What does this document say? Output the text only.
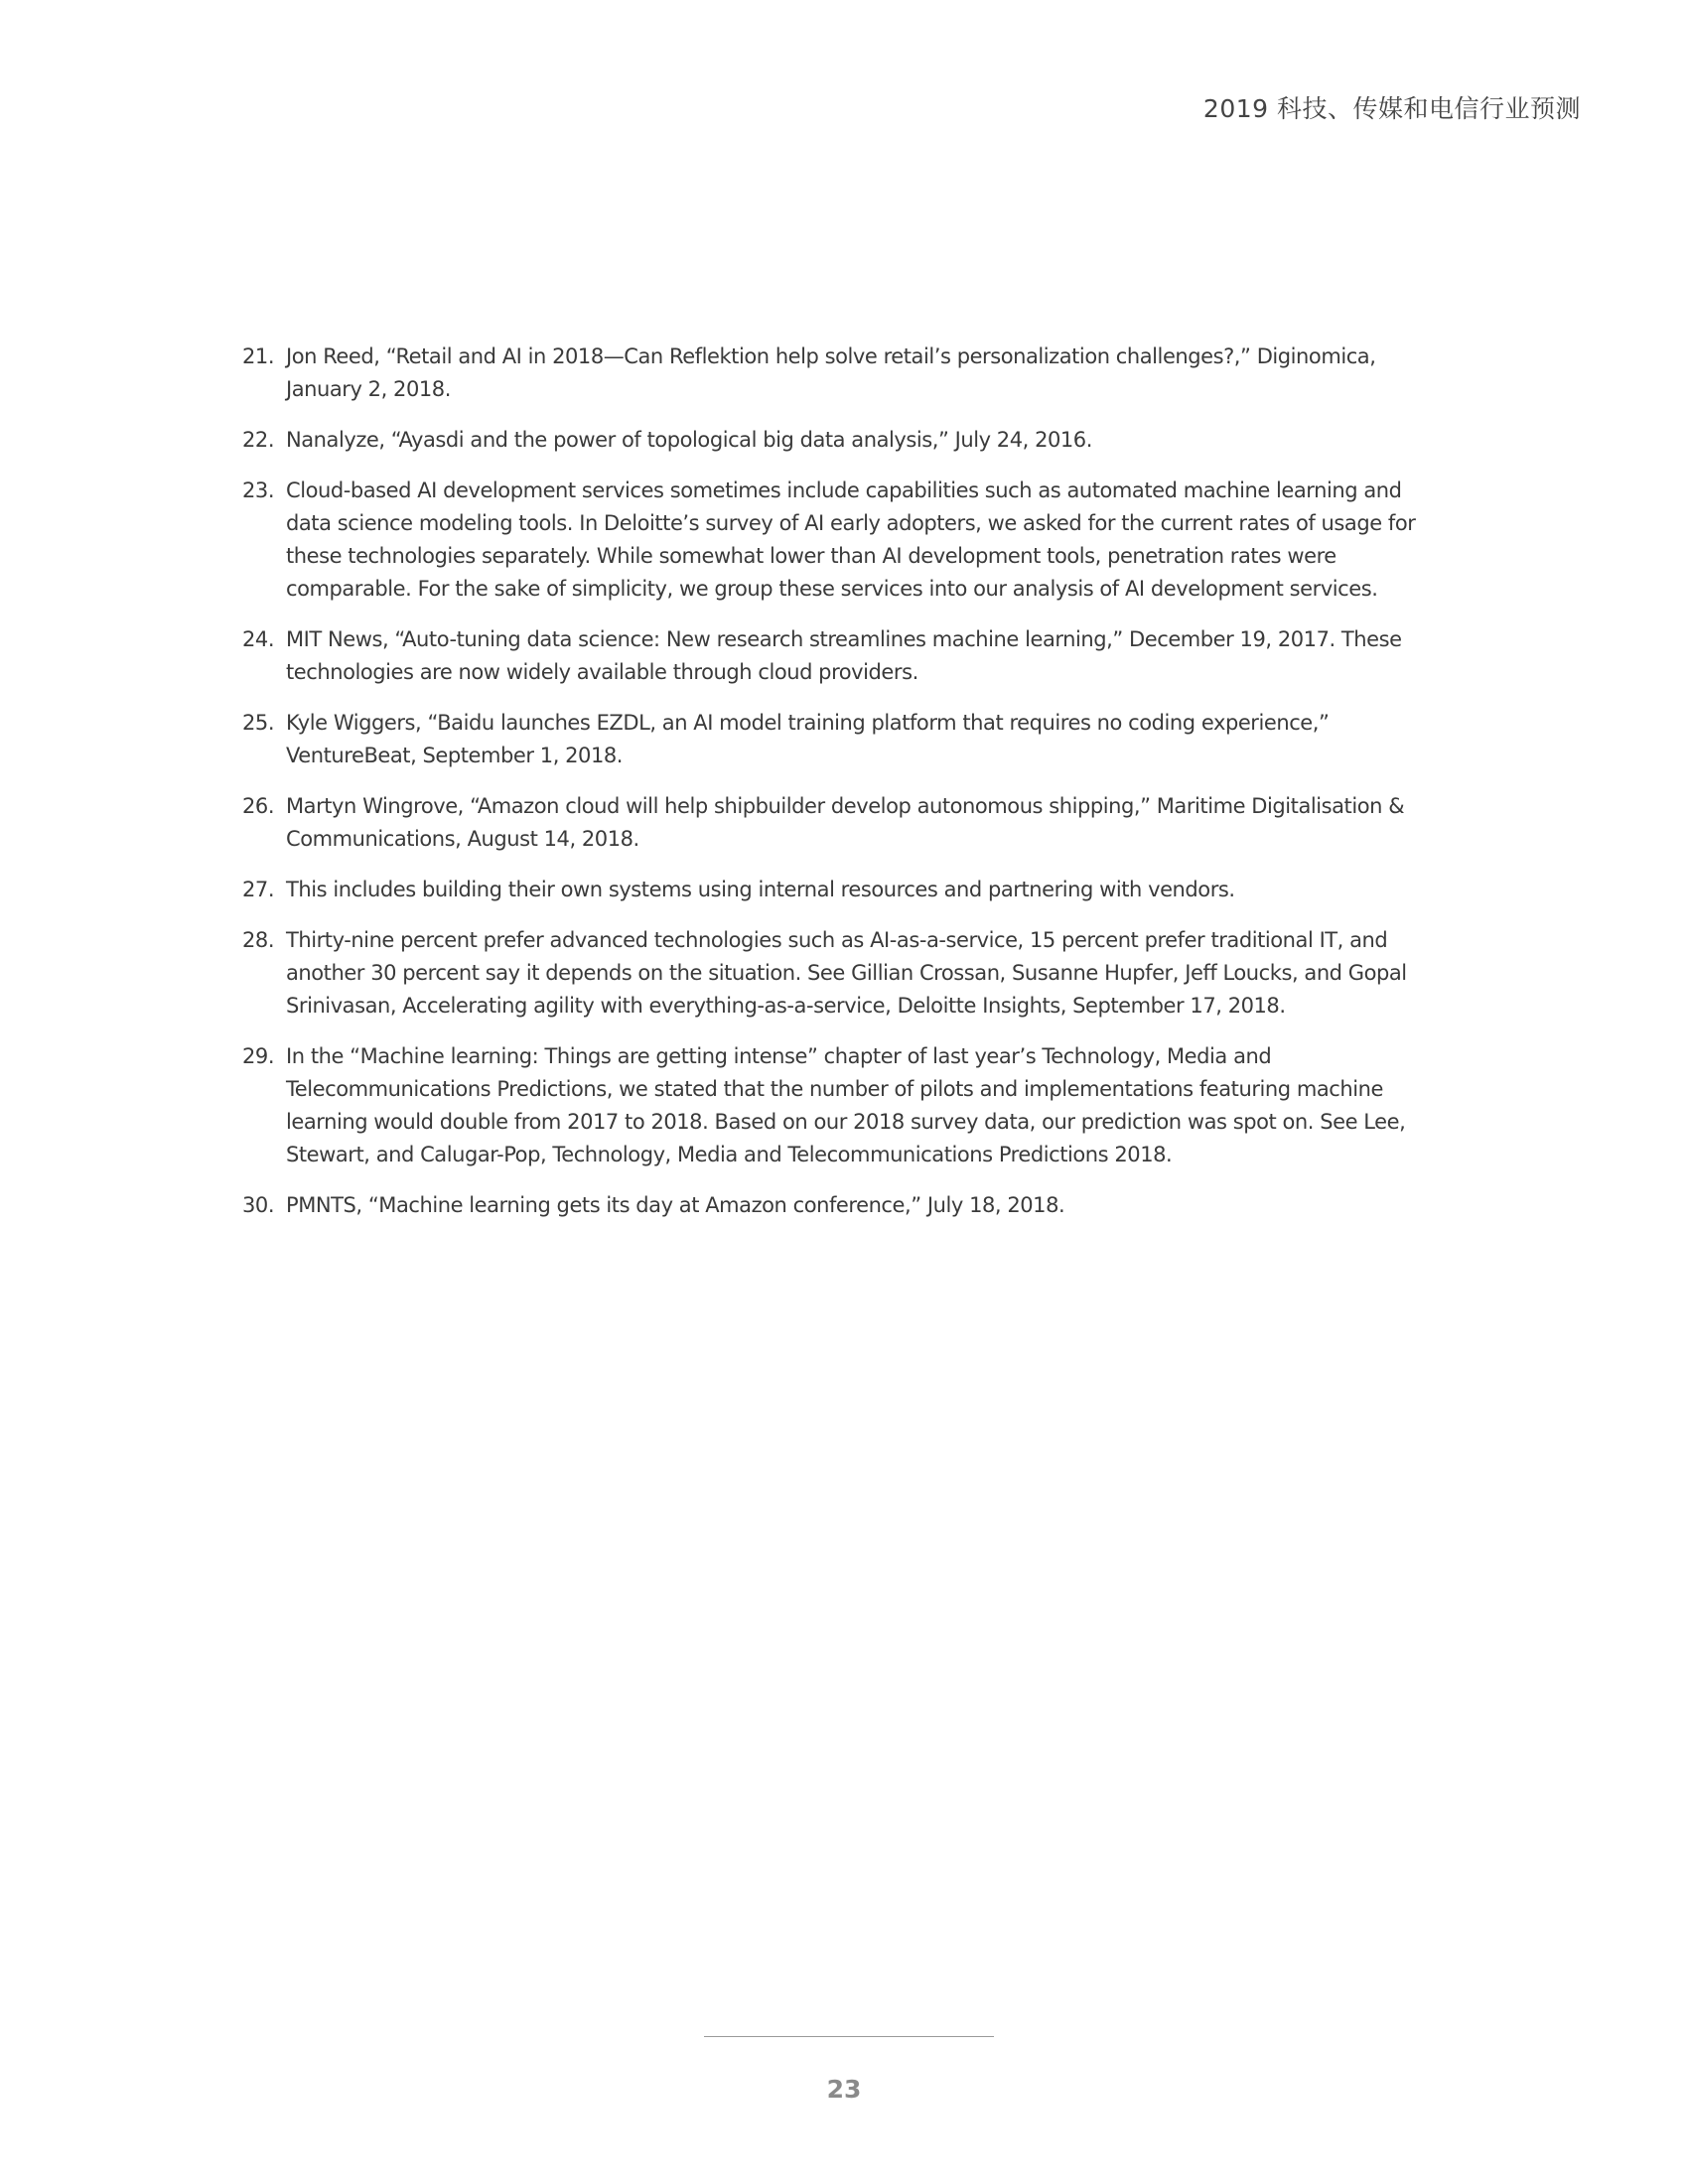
2019 科技、传媒和电信行业预测
21. Jon Reed, “Retail and AI in 2018—Can Reflektion help solve retail’s personalization challenges?,” Diginomica, January 2, 2018.
22. Nanalyze, “Ayasdi and the power of topological big data analysis,” July 24, 2016.
23. Cloud-based AI development services sometimes include capabilities such as automated machine learning and data science modeling tools. In Deloitte’s survey of AI early adopters, we asked for the current rates of usage for these technologies separately. While somewhat lower than AI development tools, penetration rates were comparable. For the sake of simplicity, we group these services into our analysis of AI development services.
24. MIT News, “Auto-tuning data science: New research streamlines machine learning,” December 19, 2017. These technologies are now widely available through cloud providers.
25. Kyle Wiggers, “Baidu launches EZDL, an AI model training platform that requires no coding experience,” VentureBeat, September 1, 2018.
26. Martyn Wingrove, “Amazon cloud will help shipbuilder develop autonomous shipping,” Maritime Digitalisation & Communications, August 14, 2018.
27. This includes building their own systems using internal resources and partnering with vendors.
28. Thirty-nine percent prefer advanced technologies such as AI-as-a-service, 15 percent prefer traditional IT, and another 30 percent say it depends on the situation. See Gillian Crossan, Susanne Hupfer, Jeff Loucks, and Gopal Srinivasan, Accelerating agility with everything-as-a-service, Deloitte Insights, September 17, 2018.
29. In the “Machine learning: Things are getting intense” chapter of last year’s Technology, Media and Telecommunications Predictions, we stated that the number of pilots and implementations featuring machine learning would double from 2017 to 2018. Based on our 2018 survey data, our prediction was spot on. See Lee, Stewart, and Calugar-Pop, Technology, Media and Telecommunications Predictions 2018.
30. PMNTS, “Machine learning gets its day at Amazon conference,” July 18, 2018.
23
